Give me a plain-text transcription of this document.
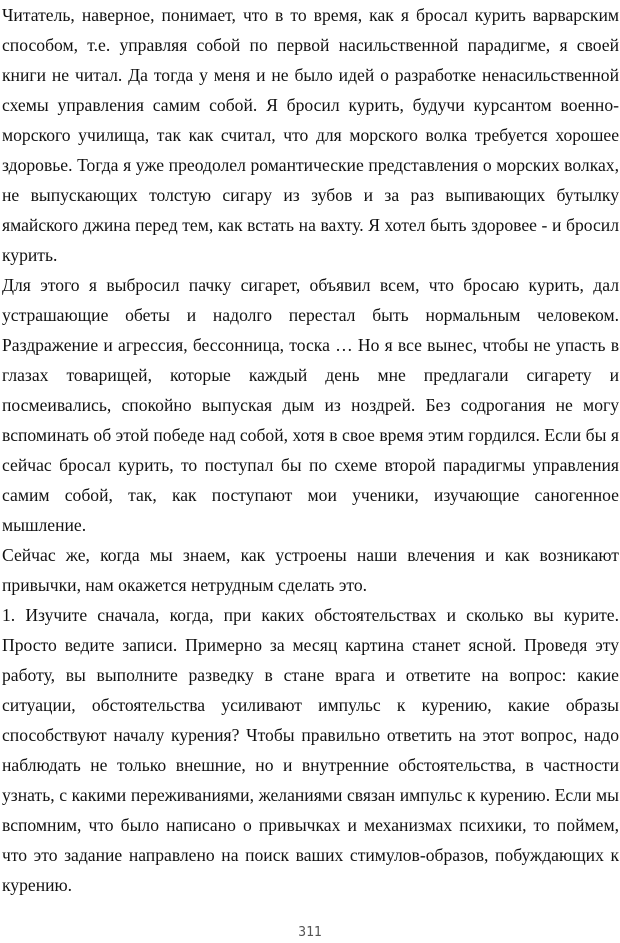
Читатель, наверное, понимает, что в то время, как я бросал курить варварским способом, т.е. управляя собой по первой насильственной парадигме, я своей книги не читал. Да тогда у меня и не было идей о разработке ненасильственной схемы управления самим собой. Я бросил курить, будучи курсантом военно-морского училища, так как считал, что для морского волка требуется хорошее здоровье. Тогда я уже преодолел романтические представления о морских волках, не выпускающих толстую сигару из зубов и за раз выпивающих бутылку ямайского джина перед тем, как встать на вахту. Я хотел быть здоровее - и бросил курить.

Для этого я выбросил пачку сигарет, объявил всем, что бросаю курить, дал устрашающие обеты и надолго перестал быть нормальным человеком. Раздражение и агрессия, бессонница, тоска … Но я все вынес, чтобы не упасть в глазах товарищей, которые каждый день мне предлагали сигарету и посмеивались, спокойно выпуская дым из ноздрей. Без содрогания не могу вспоминать об этой победе над собой, хотя в свое время этим гордился. Если бы я сейчас бросал курить, то поступал бы по схеме второй парадигмы управления самим собой, так, как поступают мои ученики, изучающие саногенное мышление.

Сейчас же, когда мы знаем, как устроены наши влечения и как возникают привычки, нам окажется нетрудным сделать это.

1. Изучите сначала, когда, при каких обстоятельствах и сколько вы курите. Просто ведите записи. Примерно за месяц картина станет ясной. Проведя эту работу, вы выполните разведку в стане врага и ответите на вопрос: какие ситуации, обстоятельства усиливают импульс к курению, какие образы способствуют началу курения? Чтобы правильно ответить на этот вопрос, надо наблюдать не только внешние, но и внутренние обстоятельства, в частности узнать, с какими переживаниями, желаниями связан импульс к курению. Если мы вспомним, что было написано о привычках и механизмах психики, то поймем, что это задание направлено на поиск ваших стимулов-образов, побуждающих к курению.

311
